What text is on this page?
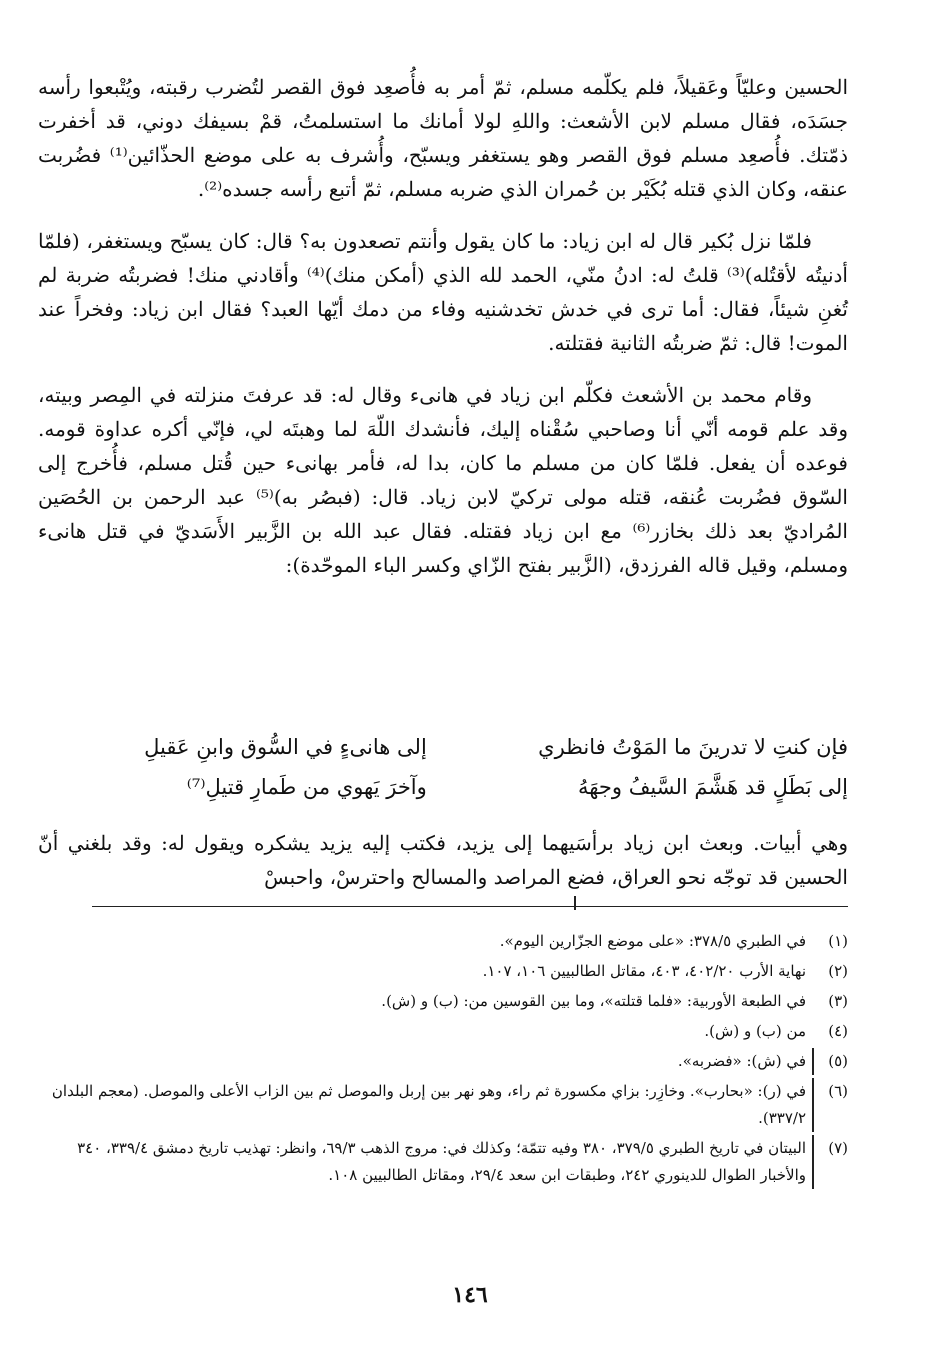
الحسين وعليّاً وعَقيلاً، فلم يكلّمه مسلم، ثمّ أمر به فأُصعِد فوق القصر لتُضرب رقبته، ويُتْبعوا رأسه جسَدَه، فقال مسلم لابن الأشعث: واللهِ لولا أمانك ما استسلمتُ، قمْ بسيفك دوني، قد أخفرت ذمّتك. فأُصعِد مسلم فوق القصر وهو يستغفر ويسبّح، وأُشرف به على موضع الحذّائين⁽¹⁾ فضُربت عنقه، وكان الذي قتله بُكَيْر بن حُمران الذي ضربه مسلم، ثمّ أتبع رأسه جسده⁽²⁾.

فلمّا نزل بُكير قال له ابن زياد: ما كان يقول وأنتم تصعدون به؟ قال: كان يسبّح ويستغفر، (فلمّا أدنيتُه لأقتُله)⁽³⁾ قلتُ له: ادنُ منّي، الحمد لله الذي (أمكن منك)⁽⁴⁾ وأقادني منك! فضربتُه ضربة لم تُغنِ شيئاً، فقال: أما ترى في خدش تخدشنيه وفاء من دمك أيّها العبد؟ فقال ابن زياد: وفخراً عند الموت! قال: ثمّ ضربتُه الثانية فقتلته.

وقام محمد بن الأشعث فكلّم ابن زياد في هانىء وقال له: قد عرفتَ منزلته في المِصر وبيته، وقد علم قومه أنّي أنا وصاحبي سُقْناه إليك، فأنشدك اللّهَ لما وهبتَه لي، فإنّي أكره عداوة قومه. فوعده أن يفعل. فلمّا كان من مسلم ما كان، بدا له، فأمر بهانىء حين قُتل مسلم، فأُخرج إلى السّوق فضُربت عُنقه، قتله مولى تركيّ لابن زياد. قال: (فبصُر به)⁽⁵⁾ عبد الرحمن بن الحُصَين المُراديّ بعد ذلك بخازر⁽⁶⁾ مع ابن زياد فقتله. فقال عبد الله بن الزَّبير الأَسَديّ في قتل هانىء ومسلم، وقيل قاله الفرزدق، (الزَّبير بفتح الزّاي وكسر الباء الموحّدة):

فإن كنتِ لا تدرينَ ما المَوْتُ فانظري
إلى هانىءٍ في السُّوق وابنِ عَقيلِ
إلى بَطَلٍ قد هَشَّمَ السَّيفُ وجهَهُ
وآخرَ يَهوي من طَمارِ قتيلِ⁽⁷⁾

وهي أبيات. وبعث ابن زياد برأسَيهما إلى يزيد، فكتب إليه يزيد يشكره ويقول له: وقد بلغني أنّ الحسين قد توجّه نحو العراق، فضع المراصد والمسالح واحترسْ، واحبسْ

(١)
في الطبري ٣٧٨/٥: «على موضع الجزّارين اليوم».
(٢)
نهاية الأرب ٤٠٢/٢٠، ٤٠٣، مقاتل الطالبيين ١٠٦، ١٠٧.
(٣)
في الطبعة الأوربية: «فلما قتلته»، وما بين القوسين من: (ب) و (ش).
(٤)
من (ب) و (ش).
(٥)
في (ش): «فضربه».
(٦)
في (ر): «بحارب». وخازِر: بزاي مكسورة ثم راء، وهو نهر بين إربل والموصل ثم بين الزاب الأعلى والموصل. (معجم البلدان ٣٣٧/٢).
(٧)
البيتان في تاريخ الطبري ٣٧٩/٥، ٣٨٠ وفيه تتمّة؛ وكذلك في: مروج الذهب ٦٩/٣، وانظر: تهذيب تاريخ دمشق ٣٣٩/٤، ٣٤٠ والأخبار الطوال للدينوري ٢٤٢، وطبقات ابن سعد ٢٩/٤، ومقاتل الطالبيين ١٠٨.
١٤٦
